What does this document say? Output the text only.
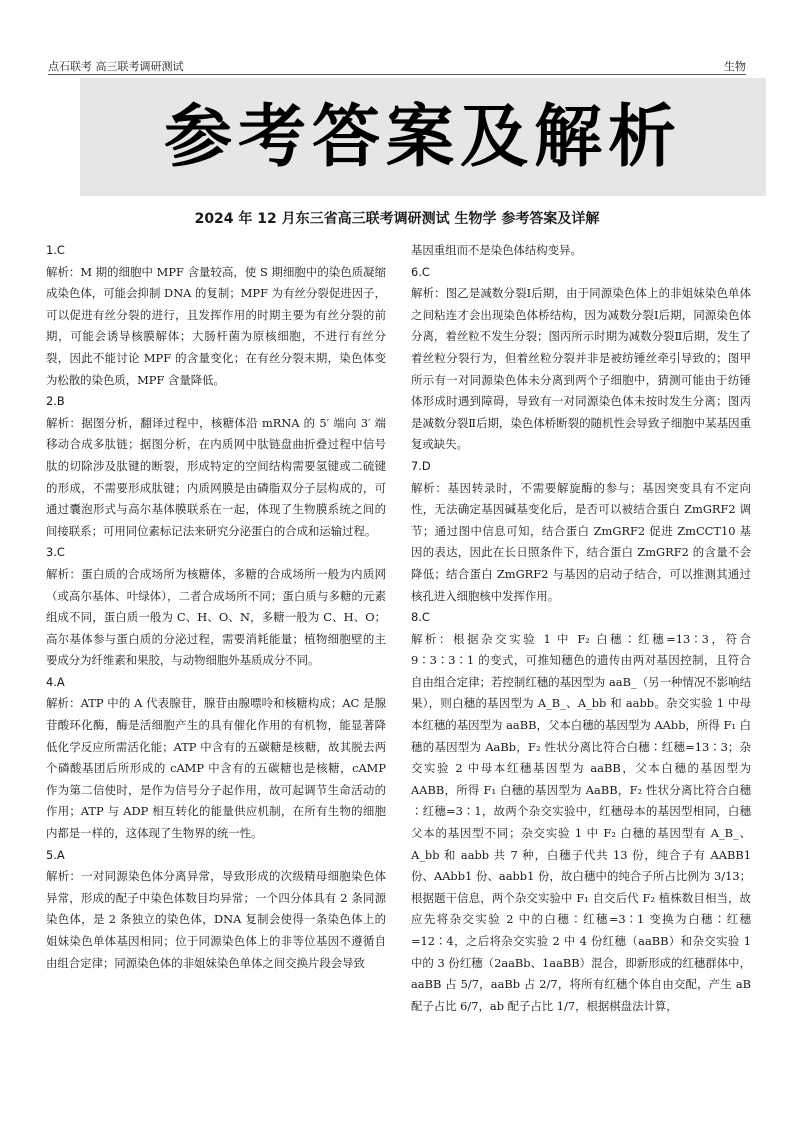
点石联考 高三联考调研测试	生物
参考答案及解析
2024 年 12 月东三省高三联考调研测试 生物学 参考答案及详解

1.C

解析：M 期的细胞中 MPF 含量较高，使 S 期细胞中的染色质凝缩成染色体，可能会抑制 DNA 的复制；MPF 为有丝分裂促进因子，可以促进有丝分裂的进行，且发挥作用的时期主要为有丝分裂的前期，可能会诱导核膜解体；大肠杆菌为原核细胞，不进行有丝分裂，因此不能讨论 MPF 的含量变化；在有丝分裂末期，染色体变为松散的染色质，MPF 含量降低。

2.B

解析：据图分析，翻译过程中，核糖体沿 mRNA 的 5′ 端向 3′ 端移动合成多肽链；据图分析，在内质网中肽链盘曲折叠过程中信号肽的切除涉及肽键的断裂，形成特定的空间结构需要氢键或二硫键的形成，不需要形成肽键；内质网膜是由磷脂双分子层构成的，可通过囊泡形式与高尔基体膜联系在一起，体现了生物膜系统之间的间接联系；可用同位素标记法来研究分泌蛋白的合成和运输过程。

3.C

解析：蛋白质的合成场所为核糖体，多糖的合成场所一般为内质网（或高尔基体、叶绿体），二者合成场所不同；蛋白质与多糖的元素组成不同，蛋白质一般为 C、H、O、N，多糖一般为 C、H、O；高尔基体参与蛋白质的分泌过程，需要消耗能量；植物细胞壁的主要成分为纤维素和果胶，与动物细胞外基质成分不同。

4.A

解析：ATP 中的 A 代表腺苷，腺苷由腺嘌呤和核糖构成；AC 是腺苷酸环化酶，酶是活细胞产生的具有催化作用的有机物，能显著降低化学反应所需活化能；ATP 中含有的五碳糖是核糖，故其脱去两个磷酸基团后所形成的 cAMP 中含有的五碳糖也是核糖，cAMP 作为第二信使时，是作为信号分子起作用，故可起调节生命活动的作用；ATP 与 ADP 相互转化的能量供应机制，在所有生物的细胞内都是一样的，这体现了生物界的统一性。

5.A

解析：一对同源染色体分离异常，导致形成的次级精母细胞染色体异常，形成的配子中染色体数目均异常；一个四分体具有 2 条同源染色体，是 2 条独立的染色体，DNA 复制会使得一条染色体上的姐妹染色单体基因相同；位于同源染色体上的非等位基因不遵循自由组合定律；同源染色体的非姐妹染色单体之间交换片段会导致

基因重组而不是染色体结构变异。

6.C

解析：图乙是减数分裂Ⅰ后期，由于同源染色体上的非姐妹染色单体之间粘连才会出现染色体桥结构，因为减数分裂Ⅰ后期，同源染色体分离，着丝粒不发生分裂；图丙所示时期为减数分裂Ⅱ后期，发生了着丝粒分裂行为，但着丝粒分裂并非是被纺锤丝牵引导致的；图甲所示有一对同源染色体未分离到两个子细胞中，猜测可能由于纺锤体形成时遇到障碍，导致有一对同源染色体未按时发生分离；图丙是减数分裂Ⅱ后期，染色体桥断裂的随机性会导致子细胞中某基因重复或缺失。

7.D

解析：基因转录时，不需要解旋酶的参与；基因突变具有不定向性，无法确定基因碱基变化后，是否可以被结合蛋白 ZmGRF2 调节；通过图中信息可知，结合蛋白 ZmGRF2 促进 ZmCCT10 基因的表达，因此在长日照条件下，结合蛋白 ZmGRF2 的含量不会降低；结合蛋白 ZmGRF2 与基因的启动子结合，可以推测其通过核孔进入细胞核中发挥作用。

8.C

解析：根据杂交实验 1 中 F₂ 白穗∶红穗=13∶3，符合 9∶3∶3∶1 的变式，可推知穗色的遗传由两对基因控制，且符合自由组合定律；若控制红穗的基因型为 aaB_（另一种情况不影响结果），则白穗的基因型为 A_B_、A_bb 和 aabb。杂交实验 1 中母本红穗的基因型为 aaBB，父本白穗的基因型为 AAbb，所得 F₁ 白穗的基因型为 AaBb，F₂ 性状分离比符合白穗∶红穗=13∶3；杂交实验 2 中母本红穗基因型为 aaBB，父本白穗的基因型为 AABB，所得 F₁ 白穗的基因型为 AaBB，F₂ 性状分离比符合白穗∶红穗=3∶1，故两个杂交实验中，红穗母本的基因型相同，白穗父本的基因型不同；杂交实验 1 中 F₂ 白穗的基因型有 A_B_、A_bb 和 aabb 共 7 种，白穗子代共 13 份，纯合子有 AABB1 份、AAbb1 份、aabb1 份，故白穗中的纯合子所占比例为 3/13；根据题干信息，两个杂交实验中 F₁ 自交后代 F₂ 植株数目相当，故应先将杂交实验 2 中的白穗∶红穗=3∶1 变换为白穗∶红穗=12∶4，之后将杂交实验 2 中 4 份红穗（aaBB）和杂交实验 1 中的 3 份红穗（2aaBb、1aaBB）混合，即新形成的红穗群体中，aaBB 占 5/7，aaBb 占 2/7，将所有红穗个体自由交配，产生 aB 配子占比 6/7，ab 配子占比 1/7，根据棋盘法计算，
